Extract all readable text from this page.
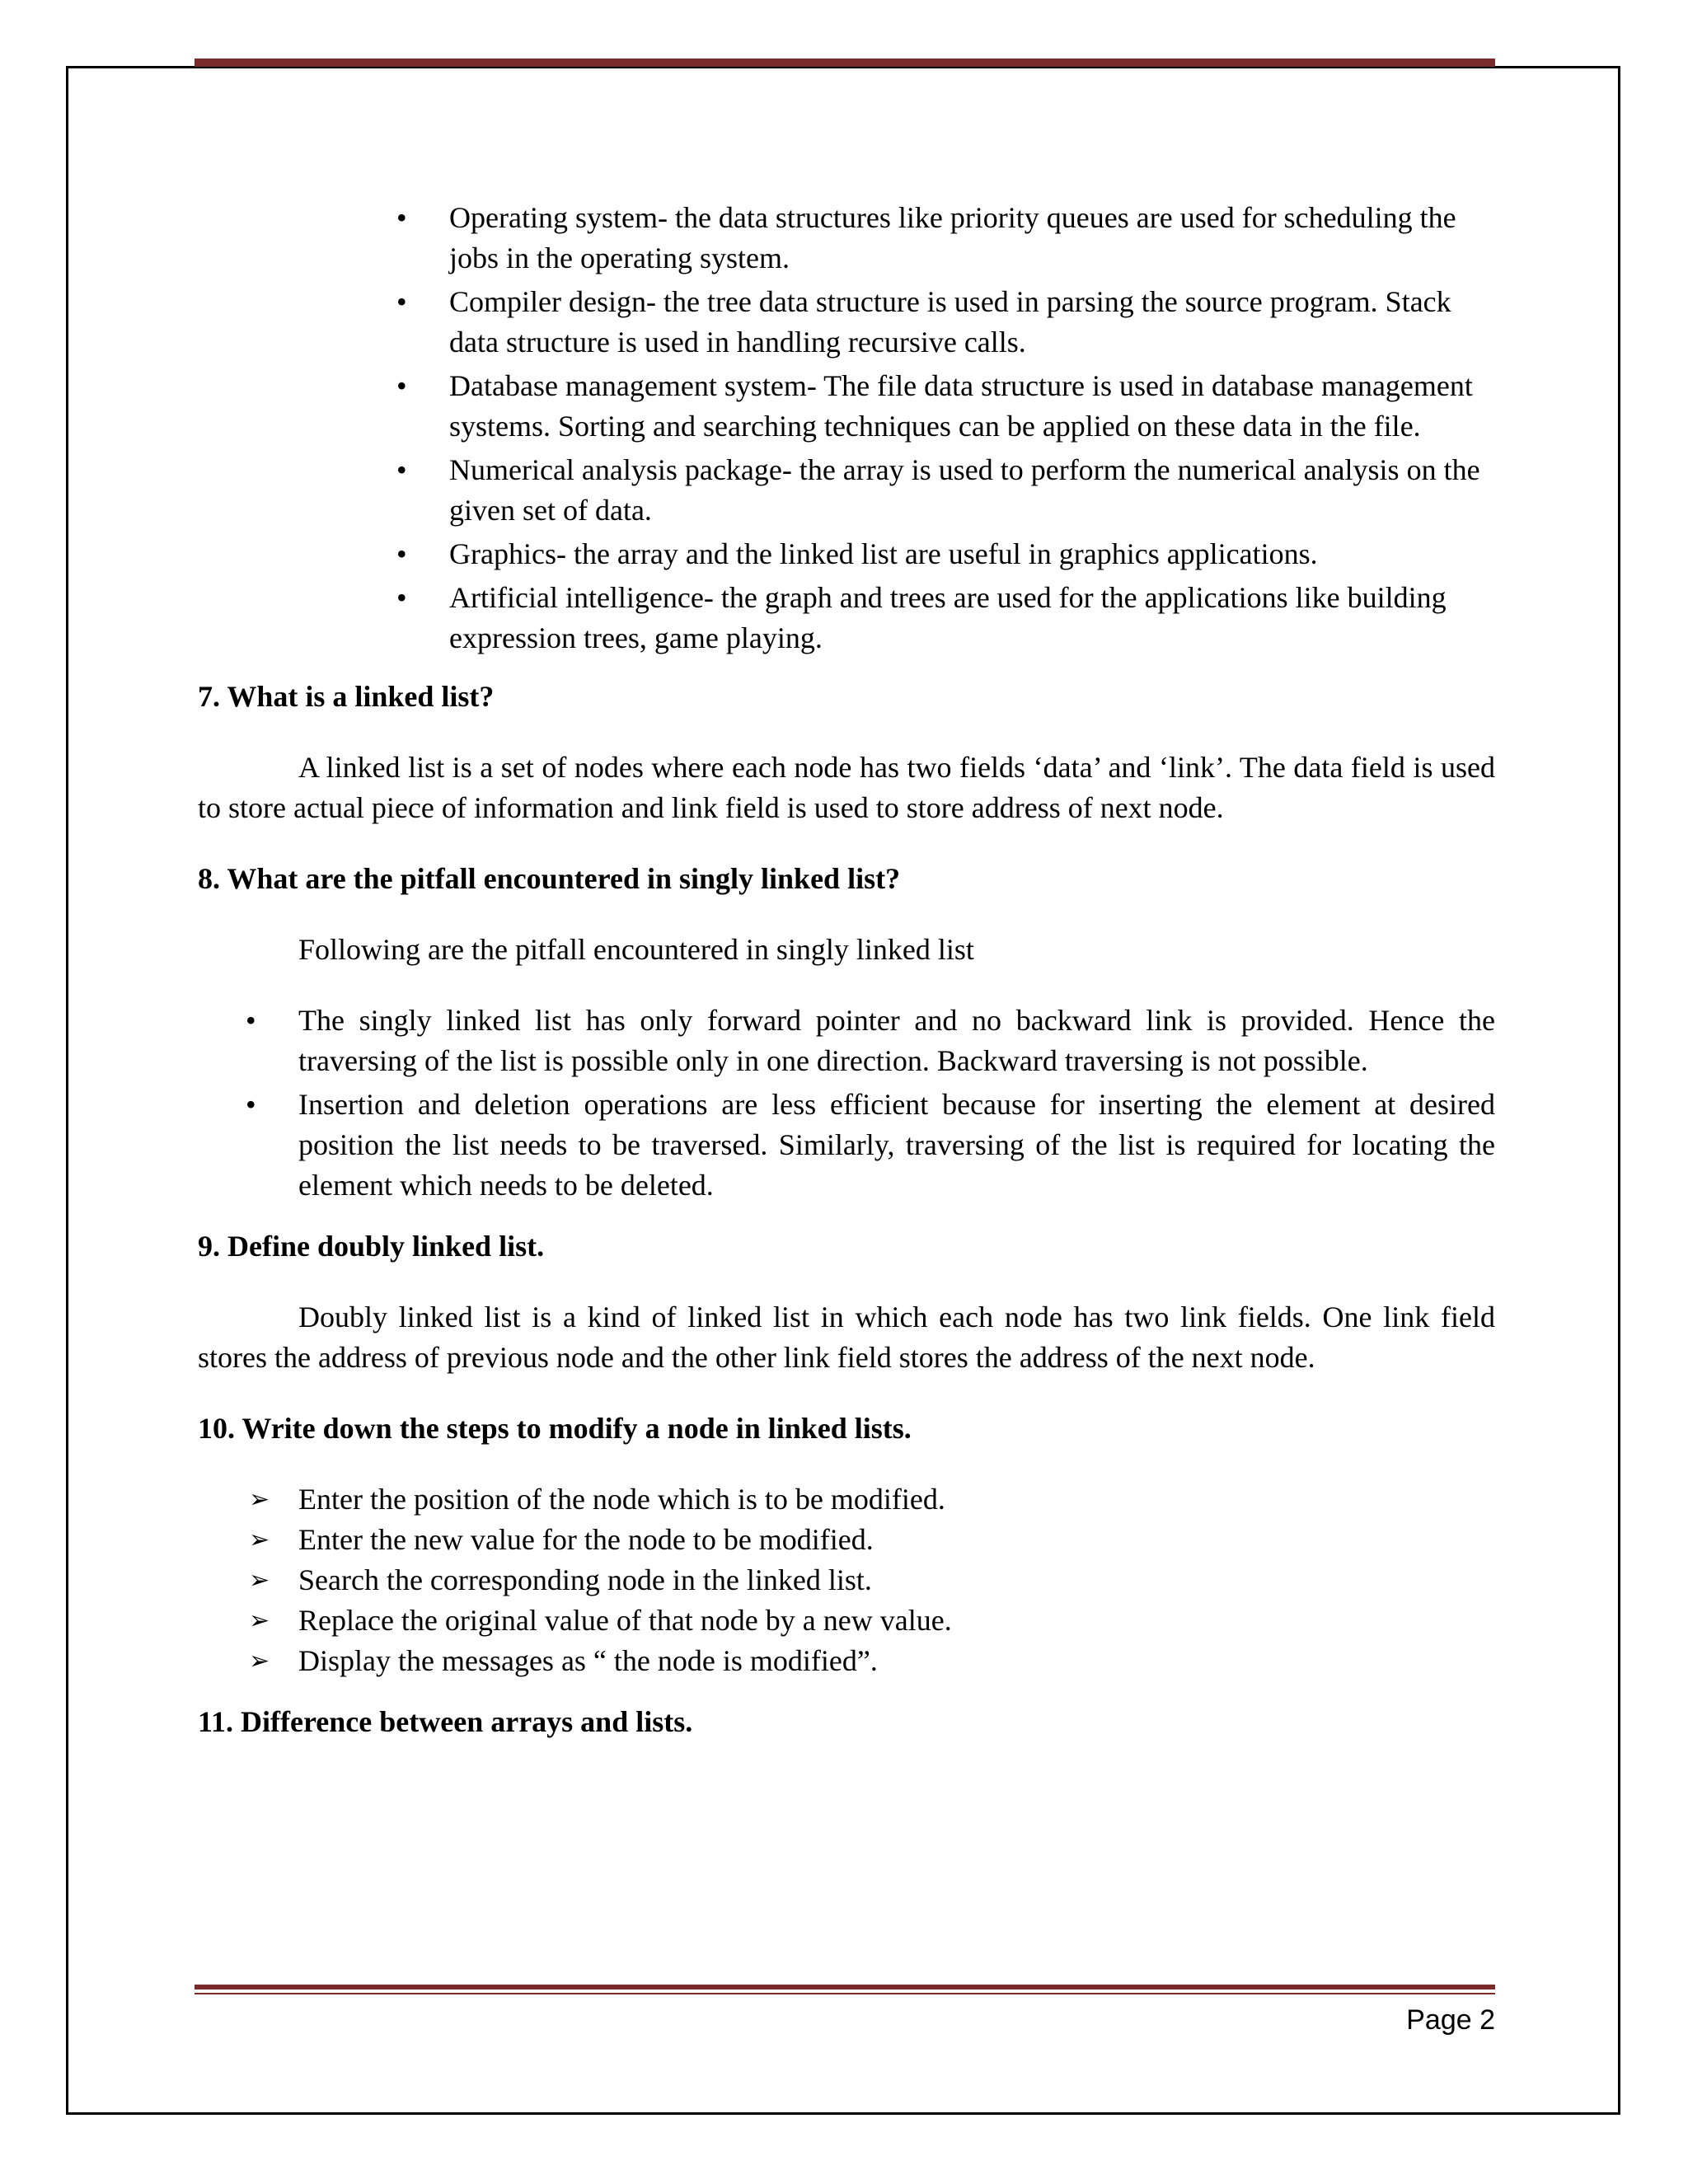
• Operating system- the data structures like priority queues are used for scheduling the jobs in the operating system.
• Compiler design- the tree data structure is used in parsing the source program. Stack data structure is used in handling recursive calls.
• Database management system- The file data structure is used in database management systems. Sorting and searching techniques can be applied on these data in the file.
• Numerical analysis package- the array is used to perform the numerical analysis on the given set of data.
• Graphics- the array and the linked list are useful in graphics applications.
• Artificial intelligence- the graph and trees are used for the applications like building expression trees, game playing.

7. What is a linked list?

A linked list is a set of nodes where each node has two fields ‘data’ and ‘link’. The data field is used to store actual piece of information and link field is used to store address of next node.

8. What are the pitfall encountered in singly linked list?

Following are the pitfall encountered in singly linked list

• The singly linked list has only forward pointer and no backward link is provided. Hence the traversing of the list is possible only in one direction. Backward traversing is not possible.
• Insertion and deletion operations are less efficient because for inserting the element at desired position the list needs to be traversed. Similarly, traversing of the list is required for locating the element which needs to be deleted.

9. Define doubly linked list.

Doubly linked list is a kind of linked list in which each node has two link fields. One link field stores the address of previous node and the other link field stores the address of the next node.

10. Write down the steps to modify a node in linked lists.

➢ Enter the position of the node which is to be modified.
➢ Enter the new value for the node to be modified.
➢ Search the corresponding node in the linked list.
➢ Replace the original value of that node by a new value.
➢ Display the messages as “ the node is modified”.

11. Difference between arrays and lists.

Page 2
